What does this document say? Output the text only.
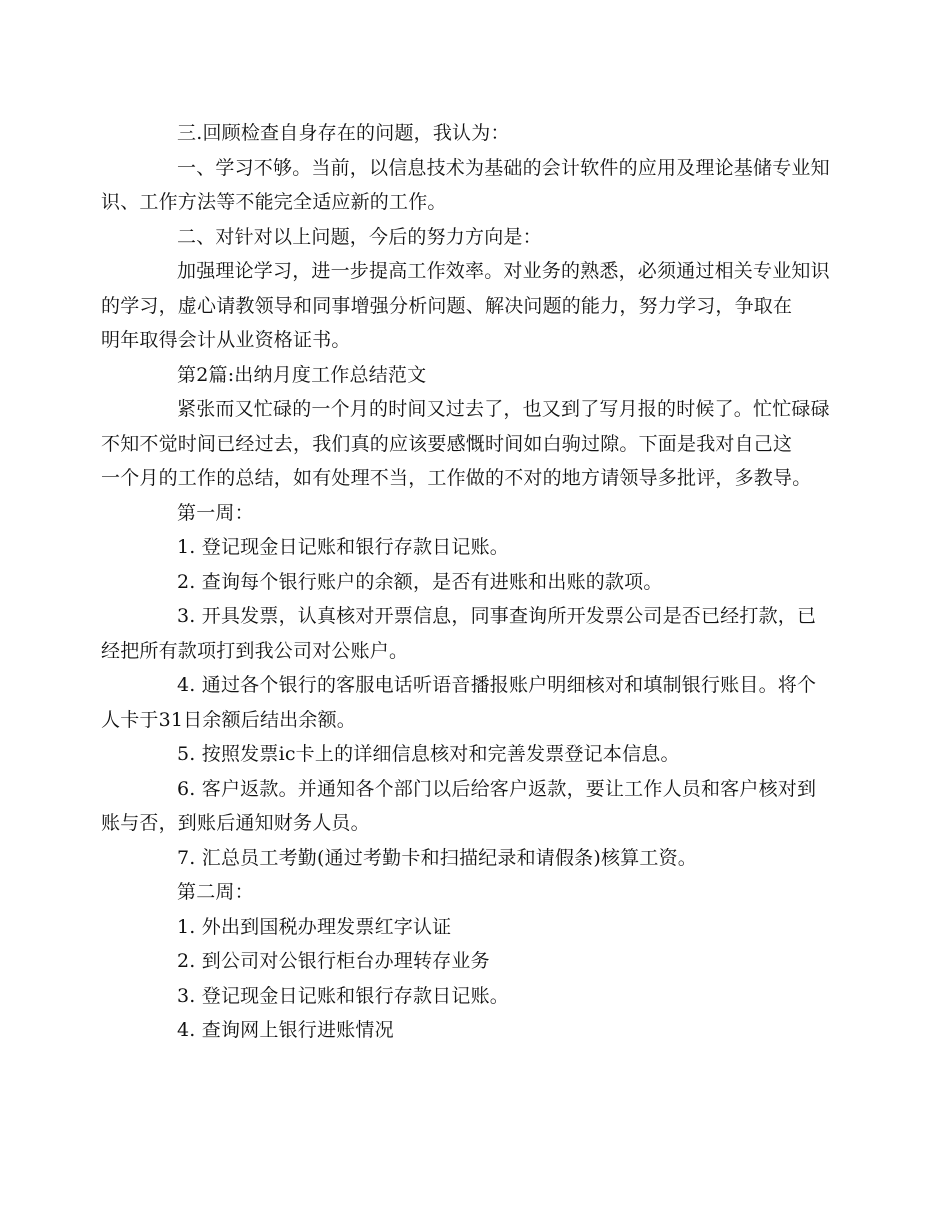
三.回顾检查自身存在的问题，我认为：
一、学习不够。当前，以信息技术为基础的会计软件的应用及理论基储专业知
识、工作方法等不能完全适应新的工作。
二、对针对以上问题，今后的努力方向是：
加强理论学习，进一步提高工作效率。对业务的熟悉，必须通过相关专业知识
的学习，虚心请教领导和同事增强分析问题、解决问题的能力，努力学习，争取在
明年取得会计从业资格证书。
第2篇:出纳月度工作总结范文
紧张而又忙碌的一个月的时间又过去了，也又到了写月报的时候了。忙忙碌碌
不知不觉时间已经过去，我们真的应该要感慨时间如白驹过隙。下面是我对自己这
一个月的工作的总结，如有处理不当，工作做的不对的地方请领导多批评，多教导。
第一周：
1. 登记现金日记账和银行存款日记账。
2. 查询每个银行账户的余额，是否有进账和出账的款项。
3. 开具发票，认真核对开票信息，同事查询所开发票公司是否已经打款，已
经把所有款项打到我公司对公账户。
4. 通过各个银行的客服电话听语音播报账户明细核对和填制银行账目。将个
人卡于31日余额后结出余额。
5. 按照发票ic卡上的详细信息核对和完善发票登记本信息。
6. 客户返款。并通知各个部门以后给客户返款，要让工作人员和客户核对到
账与否，到账后通知财务人员。
7. 汇总员工考勤(通过考勤卡和扫描纪录和请假条)核算工资。
第二周：
1. 外出到国税办理发票红字认证
2. 到公司对公银行柜台办理转存业务
3. 登记现金日记账和银行存款日记账。
4. 查询网上银行进账情况
